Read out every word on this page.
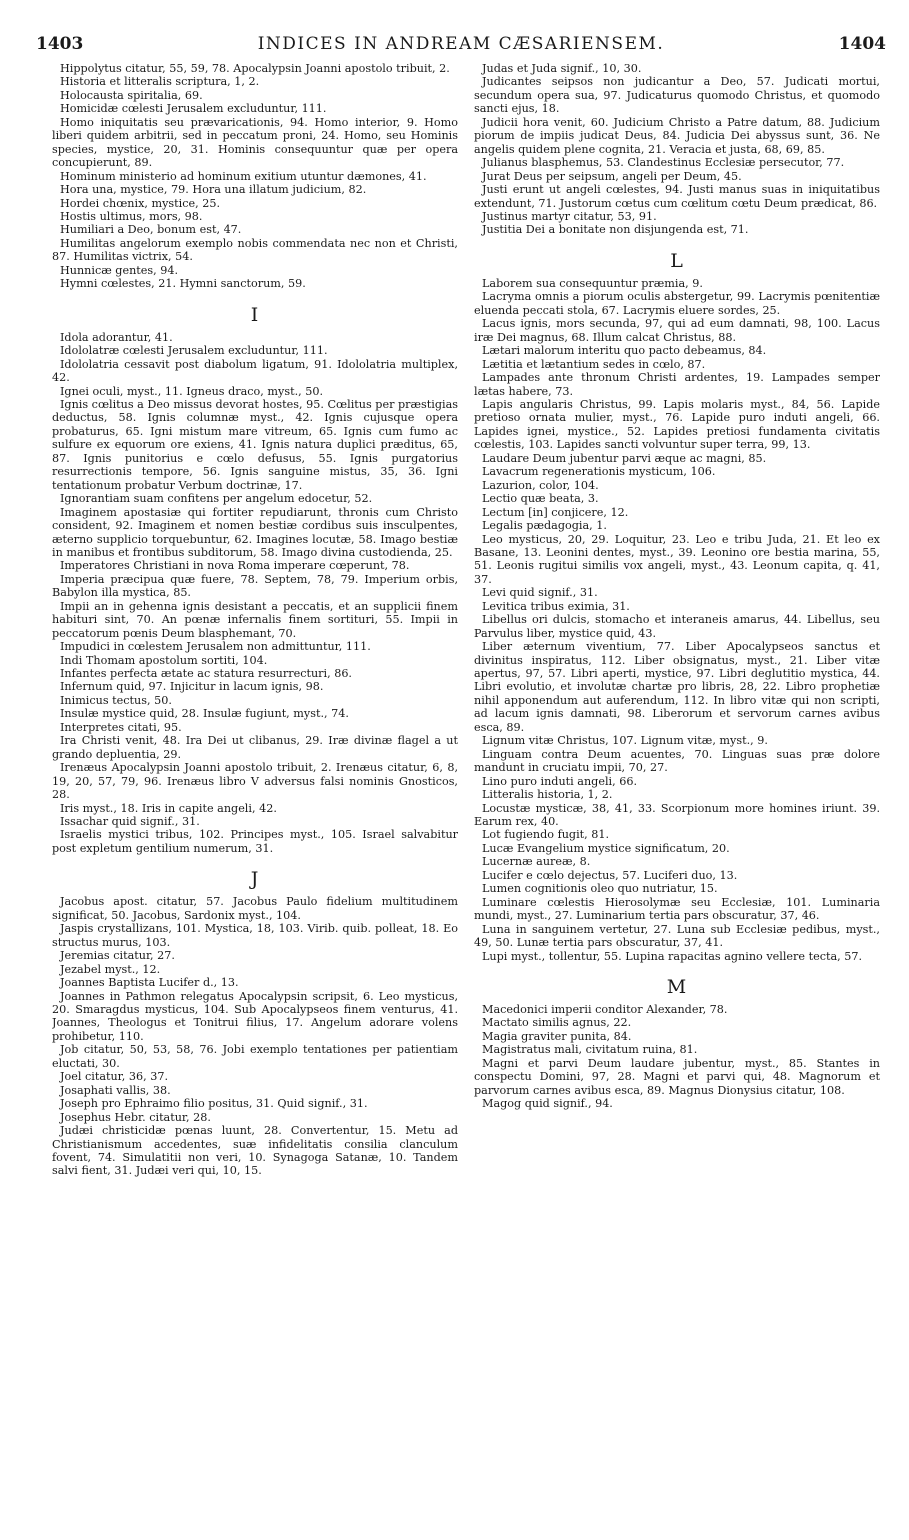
1403	INDICES IN ANDREAM CÆSARIENSEM.	1404

Hippolytus citatur, 55, 59, 78. Apocalypsin Joanni apostolo tribuit, 2.

Historia et litteralis scriptura, 1, 2.

Holocausta spiritalia, 69.

Homicidæ cœlesti Jerusalem excluduntur, 111.

Homo iniquitatis seu prævaricationis, 94. Homo interior, 9. Homo liberi quidem arbitrii, sed in peccatum proni, 24. Homo, seu Hominis species, mystice, 20, 31. Hominis consequuntur quæ per opera concupierunt, 89.

Hominum ministerio ad hominum exitium utuntur dæmones, 41.

Hora una, mystice, 79. Hora una illatum judicium, 82.

Hordei chœnix, mystice, 25.

Hostis ultimus, mors, 98.

Humiliari a Deo, bonum est, 47.

Humilitas angelorum exemplo nobis commendata nec non et Christi, 87. Humilitas victrix, 54.

Hunnicæ gentes, 94.

Hymni cœlestes, 21. Hymni sanctorum, 59.

I

Idola adorantur, 41.

Idololatræ cœlesti Jerusalem excluduntur, 111.

Idololatria cessavit post diabolum ligatum, 91. Idololatria multiplex, 42.

Ignei oculi, myst., 11. Igneus draco, myst., 50.

Ignis cœlitus a Deo missus devorat hostes, 95. Cœlitus per præstigias deductus, 58. Ignis columnæ myst., 42. Ignis cujusque opera probaturus, 65. Igni mistum mare vitreum, 65. Ignis cum fumo ac sulfure ex equorum ore exiens, 41. Ignis natura duplici præditus, 65, 87. Ignis punitorius e cœlo defusus, 55. Ignis purgatorius resurrectionis tempore, 56. Ignis sanguine mistus, 35, 36. Igni tentationum probatur Verbum doctrinæ, 17.

Ignorantiam suam confitens per angelum edocetur, 52.

Imaginem apostasiæ qui fortiter repudiarunt, thronis cum Christo consident, 92. Imaginem et nomen bestiæ cordibus suis insculpentes, æterno supplicio torquebuntur, 62. Imagines locutæ, 58. Imago bestiæ in manibus et frontibus subditorum, 58. Imago divina custodienda, 25.

Imperatores Christiani in nova Roma imperare cœperunt, 78.

Imperia præcipua quæ fuere, 78. Septem, 78, 79. Imperium orbis, Babylon illa mystica, 85.

Impii an in gehenna ignis desistant a peccatis, et an supplicii finem habituri sint, 70. An pœnæ infernalis finem sortituri, 55. Impii in peccatorum pœnis Deum blasphemant, 70.

Impudici in cœlestem Jerusalem non admittuntur, 111.

Indi Thomam apostolum sortiti, 104.

Infantes perfecta ætate ac statura resurrecturi, 86.

Infernum quid, 97. Injicitur in lacum ignis, 98.

Inimicus tectus, 50.

Insulæ mystice quid, 28. Insulæ fugiunt, myst., 74.

Interpretes citati, 95.

Ira Christi venit, 48. Ira Dei ut clibanus, 29. Iræ divinæ flagel a ut grando depluentia, 29.

Irenæus Apocalypsin Joanni apostolo tribuit, 2. Irenæus citatur, 6, 8, 19, 20, 57, 79, 96. Irenæus libro V adversus falsi nominis Gnosticos, 28.

Iris myst., 18. Iris in capite angeli, 42.

Issachar quid signif., 31.

Israelis mystici tribus, 102. Principes myst., 105. Israel salvabitur post expletum gentilium numerum, 31.

J

Jacobus apost. citatur, 57. Jacobus Paulo fidelium multitudinem significat, 50. Jacobus, Sardonix myst., 104.

Jaspis crystallizans, 101. Mystica, 18, 103. Virib. quib. polleat, 18. Eo structus murus, 103.

Jeremias citatur, 27.

Jezabel myst., 12.

Joannes Baptista Lucifer d., 13.

Joannes in Pathmon relegatus Apocalypsin scripsit, 6. Leo mysticus, 20. Smaragdus mysticus, 104. Sub Apocalypseos finem venturus, 41. Joannes, Theologus et Tonitrui filius, 17. Angelum adorare volens prohibetur, 110.

Job citatur, 50, 53, 58, 76. Jobi exemplo tentationes per patientiam eluctati, 30.

Joel citatur, 36, 37.

Josaphati vallis, 38.

Joseph pro Ephraimo filio positus, 31. Quid signif., 31.

Josephus Hebr. citatur, 28.

Judæi christicidæ pœnas luunt, 28. Convertentur, 15. Metu ad Christianismum accedentes, suæ infidelitatis consilia clanculum fovent, 74. Simulatitii non veri, 10. Synagoga Satanæ, 10. Tandem salvi fient, 31. Judæi veri qui, 10, 15.

Judas et Juda signif., 10, 30.

Judicantes seipsos non judicantur a Deo, 57. Judicati mortui, secundum opera sua, 97. Judicaturus quomodo Christus, et quomodo sancti ejus, 18.

Judicii hora venit, 60. Judicium Christo a Patre datum, 88. Judicium piorum de impiis judicat Deus, 84. Judicia Dei abyssus sunt, 36. Ne angelis quidem plene cognita, 21. Veracia et justa, 68, 69, 85.

Julianus blasphemus, 53. Clandestinus Ecclesiæ persecutor, 77.

Jurat Deus per seipsum, angeli per Deum, 45.

Justi erunt ut angeli cœlestes, 94. Justi manus suas in iniquitatibus extendunt, 71. Justorum cœtus cum cœlitum cœtu Deum prædicat, 86.

Justinus martyr citatur, 53, 91.

Justitia Dei a bonitate non disjungenda est, 71.

L

Laborem sua consequuntur præmia, 9.

Lacryma omnis a piorum oculis abstergetur, 99. Lacrymis pœnitentiæ eluenda peccati stola, 67. Lacrymis eluere sordes, 25.

Lacus ignis, mors secunda, 97, qui ad eum damnati, 98, 100. Lacus iræ Dei magnus, 68. Illum calcat Christus, 88.

Lætari malorum interitu quo pacto debeamus, 84.

Lætitia et lætantium sedes in cœlo, 87.

Lampades ante thronum Christi ardentes, 19. Lampades semper lætas habere, 73.

Lapis angularis Christus, 99. Lapis molaris myst., 84, 56. Lapide pretioso ornata mulier, myst., 76. Lapide puro induti angeli, 66. Lapides ignei, mystice., 52. Lapides pretiosi fundamenta civitatis cœlestis, 103. Lapides sancti volvuntur super terra, 99, 13.

Laudare Deum jubentur parvi æque ac magni, 85.

Lavacrum regenerationis mysticum, 106.

Lazurion, color, 104.

Lectio quæ beata, 3.

Lectum [in] conjicere, 12.

Legalis pædagogia, 1.

Leo mysticus, 20, 29. Loquitur, 23. Leo e tribu Juda, 21. Et leo ex Basane, 13. Leonini dentes, myst., 39. Leonino ore bestia marina, 55, 51. Leonis rugitui similis vox angeli, myst., 43. Leonum capita, q. 41, 37.

Levi quid signif., 31.

Levitica tribus eximia, 31.

Libellus ori dulcis, stomacho et interaneis amarus, 44. Libellus, seu Parvulus liber, mystice quid, 43.

Liber æternum viventium, 77. Liber Apocalypseos sanctus et divinitus inspiratus, 112. Liber obsignatus, myst., 21. Liber vitæ apertus, 97, 57. Libri aperti, mystice, 97. Libri deglutitio mystica, 44. Libri evolutio, et involutæ chartæ pro libris, 28, 22. Libro prophetiæ nihil apponendum aut auferendum, 112. In libro vitæ qui non scripti, ad lacum ignis damnati, 98. Liberorum et servorum carnes avibus esca, 89.

Lignum vitæ Christus, 107. Lignum vitæ, myst., 9.

Linguam contra Deum acuentes, 70. Linguas suas præ dolore mandunt in cruciatu impii, 70, 27.

Lino puro induti angeli, 66.

Litteralis historia, 1, 2.

Locustæ mysticæ, 38, 41, 33. Scorpionum more homines iriunt. 39. Earum rex, 40.

Lot fugiendo fugit, 81.

Lucæ Evangelium mystice significatum, 20.

Lucernæ aureæ, 8.

Lucifer e cœlo dejectus, 57. Luciferi duo, 13.

Lumen cognitionis oleo quo nutriatur, 15.

Luminare cœlestis Hierosolymæ seu Ecclesiæ, 101. Luminaria mundi, myst., 27. Luminarium tertia pars obscuratur, 37, 46.

Luna in sanguinem vertetur, 27. Luna sub Ecclesiæ pedibus, myst., 49, 50. Lunæ tertia pars obscuratur, 37, 41.

Lupi myst., tollentur, 55. Lupina rapacitas agnino vellere tecta, 57.

M

Macedonici imperii conditor Alexander, 78.

Mactato similis agnus, 22.

Magia graviter punita, 84.

Magistratus mali, civitatum ruina, 81.

Magni et parvi Deum laudare jubentur, myst., 85. Stantes in conspectu Domini, 97, 28. Magni et parvi qui, 48. Magnorum et parvorum carnes avibus esca, 89. Magnus Dionysius citatur, 108.

Magog quid signif., 94.
